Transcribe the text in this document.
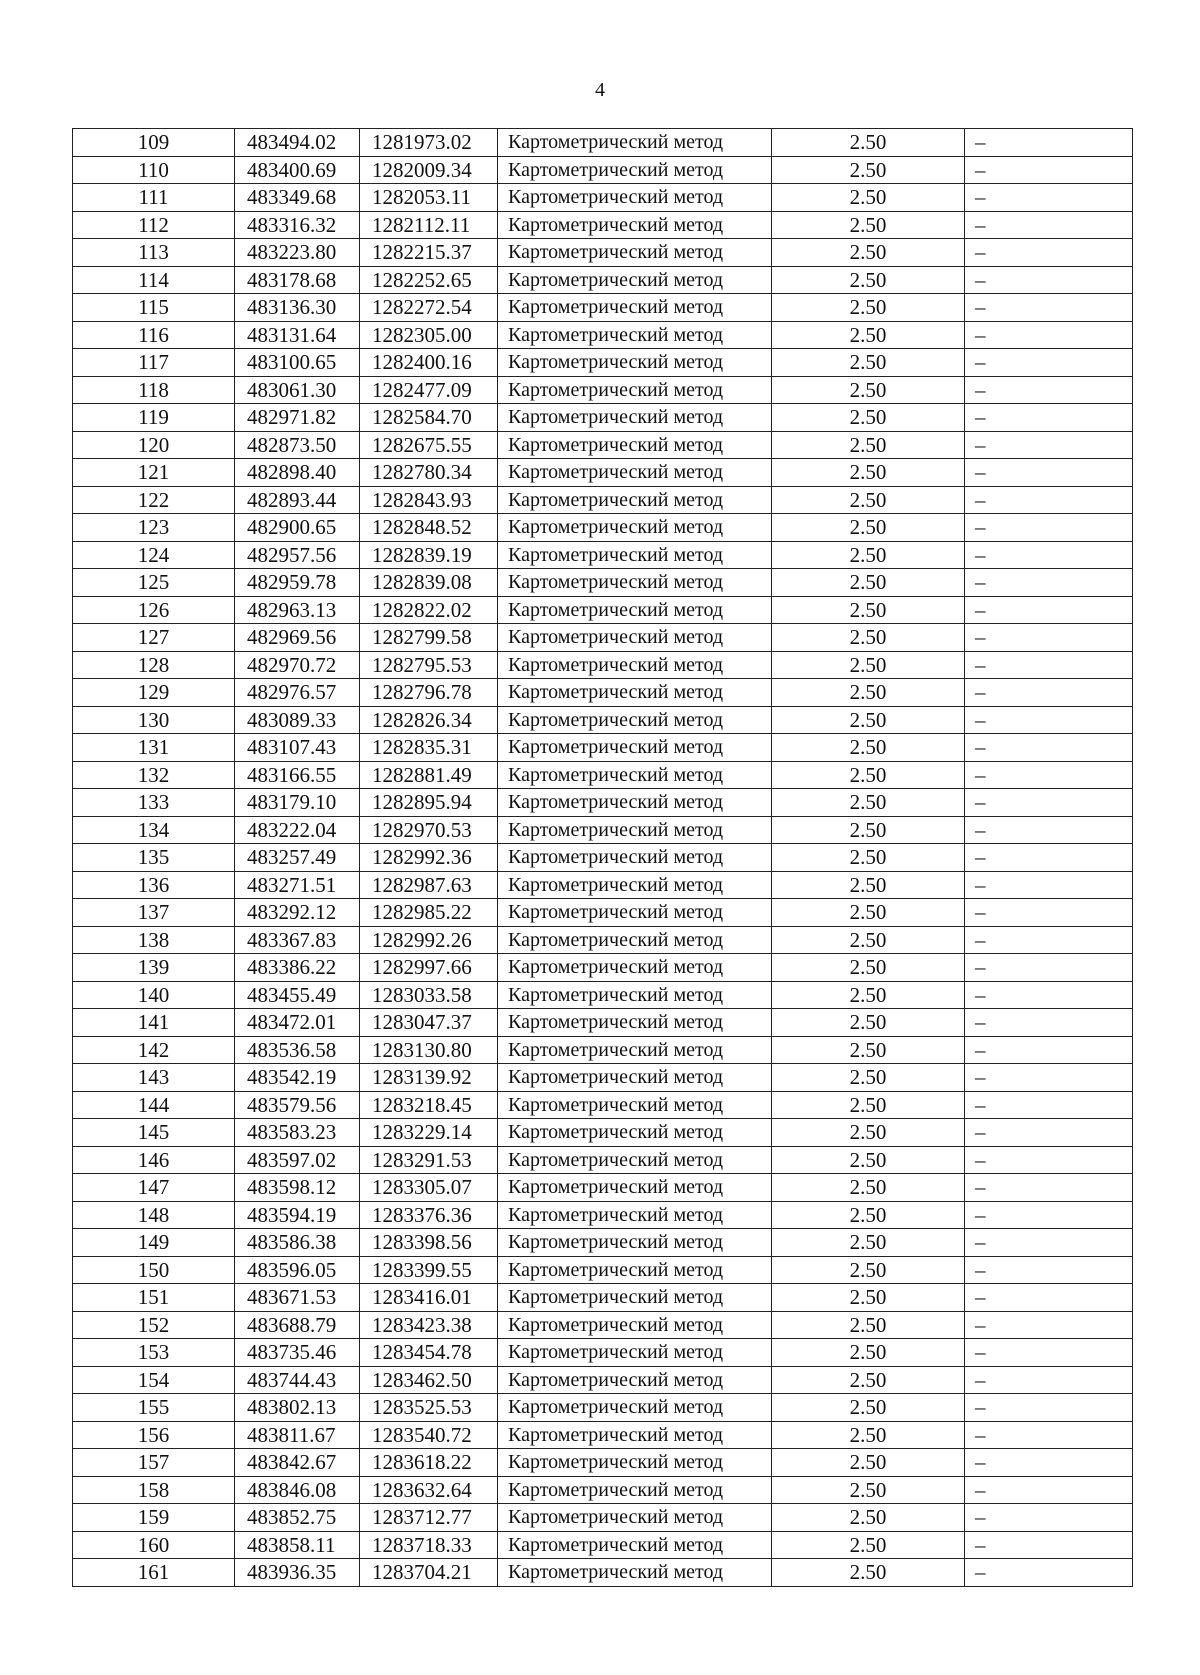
4
109	483494.02	1281973.02	Картометрический метод	2.50	–
110	483400.69	1282009.34	Картометрический метод	2.50	–
111	483349.68	1282053.11	Картометрический метод	2.50	–
112	483316.32	1282112.11	Картометрический метод	2.50	–
113	483223.80	1282215.37	Картометрический метод	2.50	–
114	483178.68	1282252.65	Картометрический метод	2.50	–
115	483136.30	1282272.54	Картометрический метод	2.50	–
116	483131.64	1282305.00	Картометрический метод	2.50	–
117	483100.65	1282400.16	Картометрический метод	2.50	–
118	483061.30	1282477.09	Картометрический метод	2.50	–
119	482971.82	1282584.70	Картометрический метод	2.50	–
120	482873.50	1282675.55	Картометрический метод	2.50	–
121	482898.40	1282780.34	Картометрический метод	2.50	–
122	482893.44	1282843.93	Картометрический метод	2.50	–
123	482900.65	1282848.52	Картометрический метод	2.50	–
124	482957.56	1282839.19	Картометрический метод	2.50	–
125	482959.78	1282839.08	Картометрический метод	2.50	–
126	482963.13	1282822.02	Картометрический метод	2.50	–
127	482969.56	1282799.58	Картометрический метод	2.50	–
128	482970.72	1282795.53	Картометрический метод	2.50	–
129	482976.57	1282796.78	Картометрический метод	2.50	–
130	483089.33	1282826.34	Картометрический метод	2.50	–
131	483107.43	1282835.31	Картометрический метод	2.50	–
132	483166.55	1282881.49	Картометрический метод	2.50	–
133	483179.10	1282895.94	Картометрический метод	2.50	–
134	483222.04	1282970.53	Картометрический метод	2.50	–
135	483257.49	1282992.36	Картометрический метод	2.50	–
136	483271.51	1282987.63	Картометрический метод	2.50	–
137	483292.12	1282985.22	Картометрический метод	2.50	–
138	483367.83	1282992.26	Картометрический метод	2.50	–
139	483386.22	1282997.66	Картометрический метод	2.50	–
140	483455.49	1283033.58	Картометрический метод	2.50	–
141	483472.01	1283047.37	Картометрический метод	2.50	–
142	483536.58	1283130.80	Картометрический метод	2.50	–
143	483542.19	1283139.92	Картометрический метод	2.50	–
144	483579.56	1283218.45	Картометрический метод	2.50	–
145	483583.23	1283229.14	Картометрический метод	2.50	–
146	483597.02	1283291.53	Картометрический метод	2.50	–
147	483598.12	1283305.07	Картометрический метод	2.50	–
148	483594.19	1283376.36	Картометрический метод	2.50	–
149	483586.38	1283398.56	Картометрический метод	2.50	–
150	483596.05	1283399.55	Картометрический метод	2.50	–
151	483671.53	1283416.01	Картометрический метод	2.50	–
152	483688.79	1283423.38	Картометрический метод	2.50	–
153	483735.46	1283454.78	Картометрический метод	2.50	–
154	483744.43	1283462.50	Картометрический метод	2.50	–
155	483802.13	1283525.53	Картометрический метод	2.50	–
156	483811.67	1283540.72	Картометрический метод	2.50	–
157	483842.67	1283618.22	Картометрический метод	2.50	–
158	483846.08	1283632.64	Картометрический метод	2.50	–
159	483852.75	1283712.77	Картометрический метод	2.50	–
160	483858.11	1283718.33	Картометрический метод	2.50	–
161	483936.35	1283704.21	Картометрический метод	2.50	–
